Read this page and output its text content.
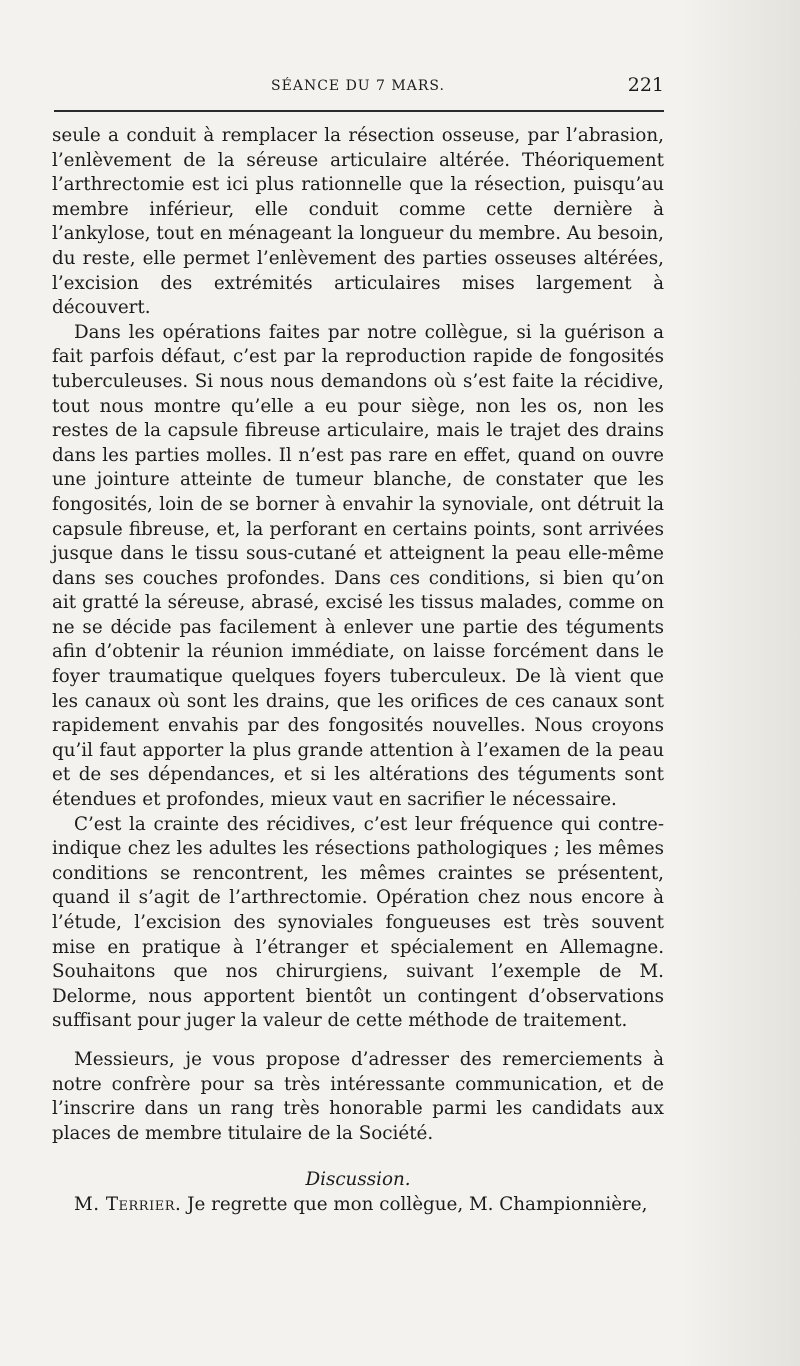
SÉANCE DU 7 MARS.	221

seule a conduit à remplacer la résection osseuse, par l’abrasion, l’enlèvement de la séreuse articulaire altérée. Théoriquement l’arthrectomie est ici plus rationnelle que la résection, puisqu’au membre inférieur, elle conduit comme cette dernière à l’ankylose, tout en ménageant la longueur du membre. Au besoin, du reste, elle permet l’enlèvement des parties osseuses altérées, l’excision des extrémités articulaires mises largement à découvert.

Dans les opérations faites par notre collègue, si la guérison a fait parfois défaut, c’est par la reproduction rapide de fongosités tuberculeuses. Si nous nous demandons où s’est faite la récidive, tout nous montre qu’elle a eu pour siège, non les os, non les restes de la capsule fibreuse articulaire, mais le trajet des drains dans les parties molles. Il n’est pas rare en effet, quand on ouvre une jointure atteinte de tumeur blanche, de constater que les fongosités, loin de se borner à envahir la synoviale, ont détruit la capsule fibreuse, et, la perforant en certains points, sont arrivées jusque dans le tissu sous-cutané et atteignent la peau elle-même dans ses couches profondes. Dans ces conditions, si bien qu’on ait gratté la séreuse, abrasé, excisé les tissus malades, comme on ne se décide pas facilement à enlever une partie des téguments afin d’obtenir la réunion immédiate, on laisse forcément dans le foyer traumatique quelques foyers tuberculeux. De là vient que les canaux où sont les drains, que les orifices de ces canaux sont rapidement envahis par des fongosités nouvelles. Nous croyons qu’il faut apporter la plus grande attention à l’examen de la peau et de ses dépendances, et si les altérations des téguments sont étendues et profondes, mieux vaut en sacrifier le nécessaire.

C’est la crainte des récidives, c’est leur fréquence qui contreindique chez les adultes les résections pathologiques ; les mêmes conditions se rencontrent, les mêmes craintes se présentent, quand il s’agit de l’arthrectomie. Opération chez nous encore à l’étude, l’excision des synoviales fongueuses est très souvent mise en pratique à l’étranger et spécialement en Allemagne. Souhaitons que nos chirurgiens, suivant l’exemple de M. Delorme, nous apportent bientôt un contingent d’observations suffisant pour juger la valeur de cette méthode de traitement.

Messieurs, je vous propose d’adresser des remerciements à notre confrère pour sa très intéressante communication, et de l’inscrire dans un rang très honorable parmi les candidats aux places de membre titulaire de la Société.

Discussion.

M. Terrier. Je regrette que mon collègue, M. Championnière,
